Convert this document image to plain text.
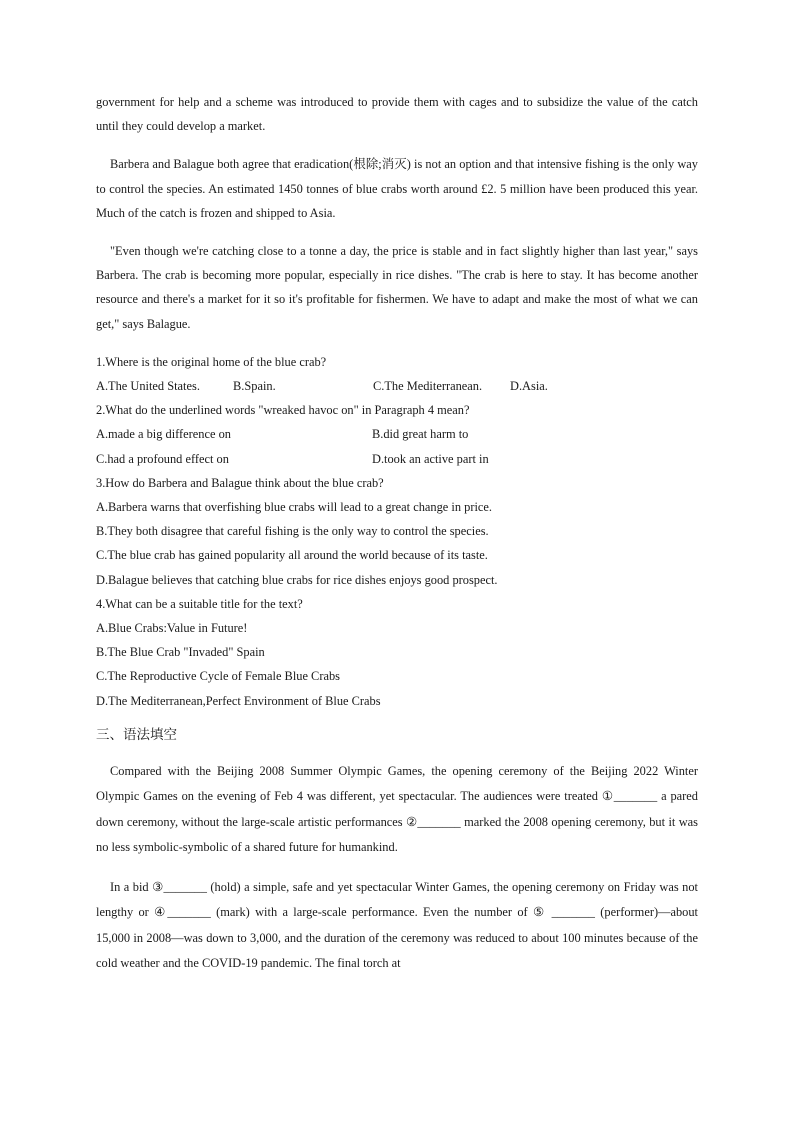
government for help and a scheme was introduced to provide them with cages and to subsidize the value of the catch until they could develop a market.

Barbera and Balague both agree that eradication(根除;消灭) is not an option and that intensive fishing is the only way to control the species. An estimated 1450 tonnes of blue crabs worth around £2. 5 million have been produced this year. Much of the catch is frozen and shipped to Asia.

"Even though we're catching close to a tonne a day, the price is stable and in fact slightly higher than last year," says Barbera. The crab is becoming more popular, especially in rice dishes. "The crab is here to stay. It has become another resource and there's a market for it so it's profitable for fishermen. We have to adapt and make the most of what we can get," says Balague.

1.Where is the original home of the blue crab?

A.The United States.	B.Spain.	C.The Mediterranean. D.Asia.

2.What do the underlined words "wreaked havoc on" in Paragraph 4 mean?

A.made a big difference on	B.did great harm to
C.had a profound effect on	D.took an active part in

3.How do Barbera and Balague think about the blue crab?

A.Barbera warns that overfishing blue crabs will lead to a great change in price.

B.They both disagree that careful fishing is the only way to control the species.

C.The blue crab has gained popularity all around the world because of its taste.

D.Balague believes that catching blue crabs for rice dishes enjoys good prospect.

4.What can be a suitable title for the text?

A.Blue Crabs:Value in Future!

B.The Blue Crab "Invaded" Spain

C.The Reproductive Cycle of Female Blue Crabs

D.The Mediterranean,Perfect Environment of Blue Crabs

三、语法填空

Compared with the Beijing 2008 Summer Olympic Games, the opening ceremony of the Beijing 2022 Winter Olympic Games on the evening of Feb 4 was different, yet spectacular. The audiences were treated ①_______ a pared down ceremony, without the large-scale artistic performances ②_______ marked the 2008 opening ceremony, but it was no less symbolic-symbolic of a shared future for humankind.

In a bid ③_______ (hold) a simple, safe and yet spectacular Winter Games, the opening ceremony on Friday was not lengthy or ④_______ (mark) with a large-scale performance. Even the number of ⑤ _______ (performer)—about 15,000 in 2008—was down to 3,000, and the duration of the ceremony was reduced to about 100 minutes because of the cold weather and the COVID-19 pandemic. The final torch at
